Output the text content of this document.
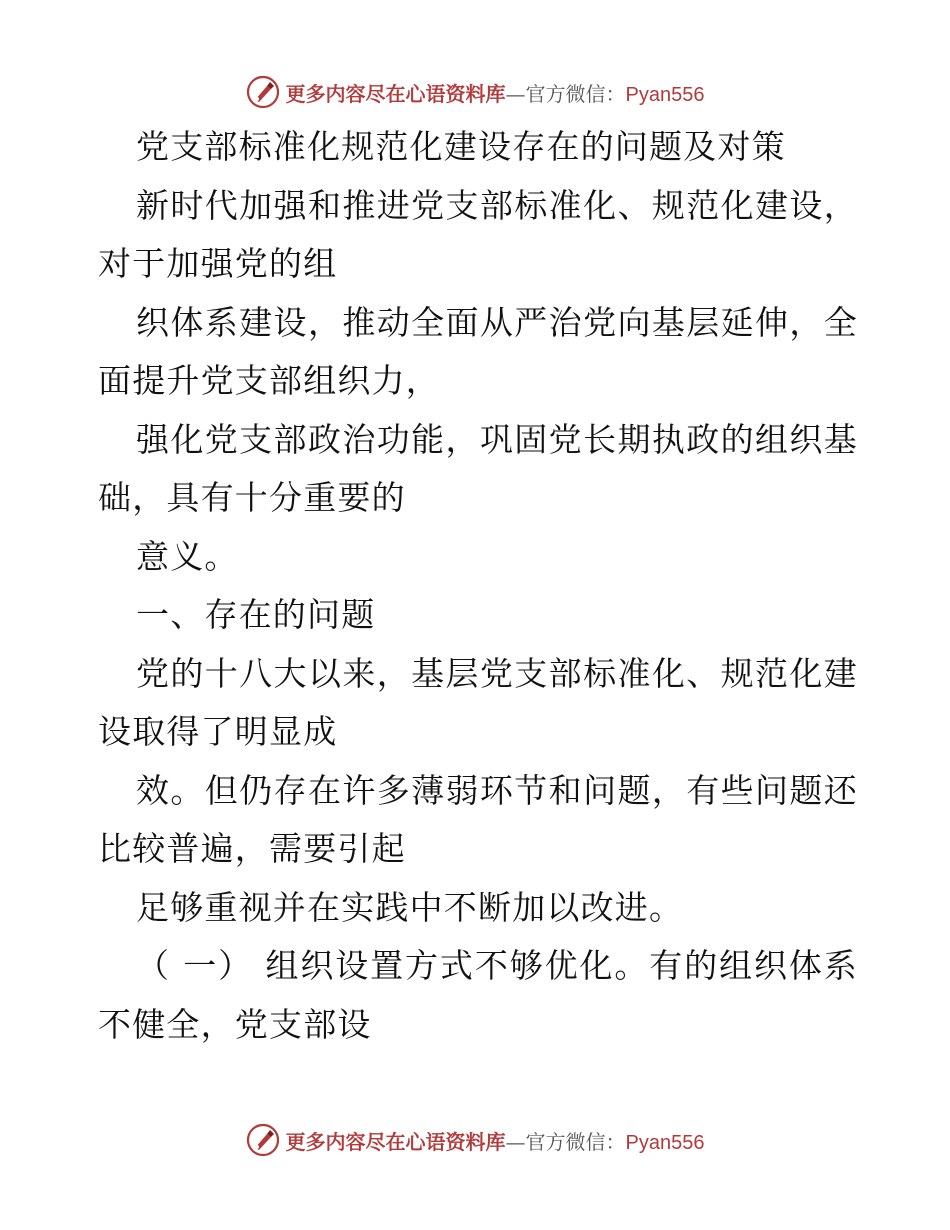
更多内容尽在心语资料库 — 官方微信： Pyan556

党支部标准化规范化建设存在的问题及对策

新时代加强和推进党支部标准化、规范化建设，对于加强党的组

织体系建设，推动全面从严治党向基层延伸，全面提升党支部组织力，

强化党支部政治功能，巩固党长期执政的组织基础，具有十分重要的

意义。

一、存在的问题

党的十八大以来，基层党支部标准化、规范化建设取得了明显成

效。但仍存在许多薄弱环节和问题，有些问题还比较普遍，需要引起

足够重视并在实践中不断加以改进。

（ 一） 组织设置方式不够优化。有的组织体系不健全，党支部设

更多内容尽在心语资料库 — 官方微信： Pyan556
